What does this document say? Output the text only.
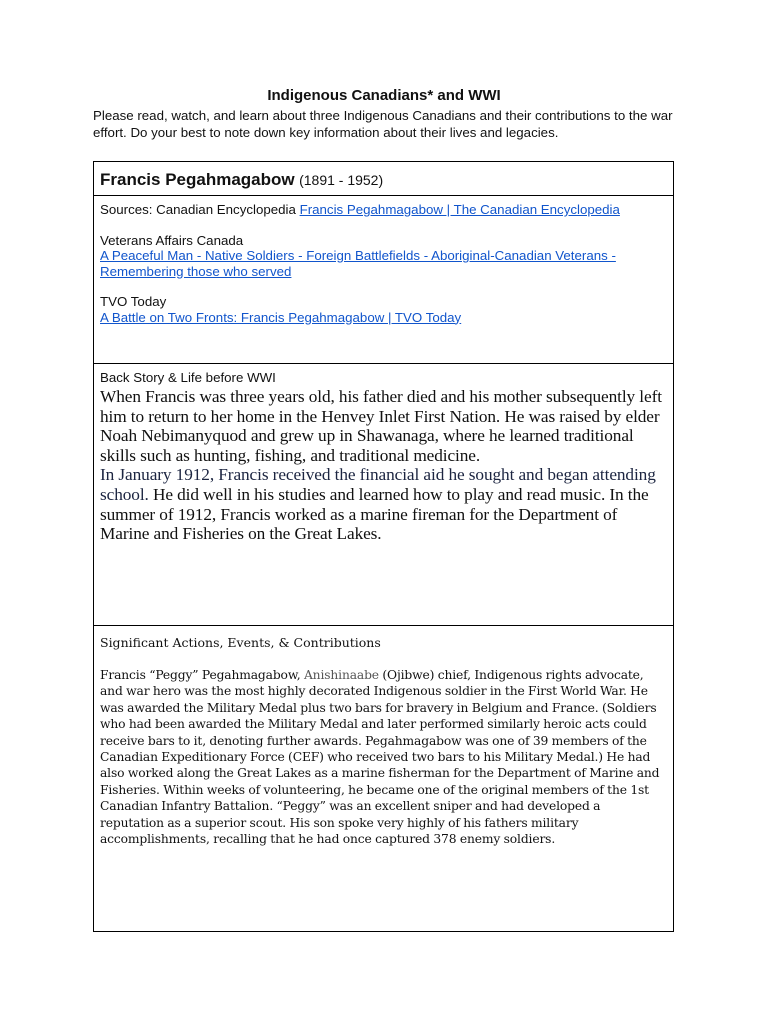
Indigenous Canadians* and WWI
Please read, watch, and learn about three Indigenous Canadians and their contributions to the war effort. Do your best to note down key information about their lives and legacies.
Francis Pegahmagabow (1891 - 1952)
Sources: Canadian Encyclopedia Francis Pegahmagabow | The Canadian Encyclopedia
Veterans Affairs Canada
A Peaceful Man - Native Soldiers - Foreign Battlefields - Aboriginal-Canadian Veterans - Remembering those who served
TVO Today
A Battle on Two Fronts: Francis Pegahmagabow | TVO Today
Back Story & Life before WWI
When Francis was three years old, his father died and his mother subsequently left him to return to her home in the Henvey Inlet First Nation. He was raised by elder Noah Nebimanyquod and grew up in Shawanaga, where he learned traditional skills such as hunting, fishing, and traditional medicine.
In January 1912, Francis received the financial aid he sought and began attending school. He did well in his studies and learned how to play and read music. In the summer of 1912, Francis worked as a marine fireman for the Department of Marine and Fisheries on the Great Lakes.
Significant Actions, Events, & Contributions
Francis “Peggy” Pegahmagabow, Anishinaabe (Ojibwe) chief, Indigenous rights advocate, and war hero was the most highly decorated Indigenous soldier in the First World War. He was awarded the Military Medal plus two bars for bravery in Belgium and France. (Soldiers who had been awarded the Military Medal and later performed similarly heroic acts could receive bars to it, denoting further awards. Pegahmagabow was one of 39 members of the Canadian Expeditionary Force (CEF) who received two bars to his Military Medal.) He had also worked along the Great Lakes as a marine fisherman for the Department of Marine and Fisheries. Within weeks of volunteering, he became one of the original members of the 1st Canadian Infantry Battalion. “Peggy” was an excellent sniper and had developed a reputation as a superior scout. His son spoke very highly of his fathers military accomplishments, recalling that he had once captured 378 enemy soldiers.
